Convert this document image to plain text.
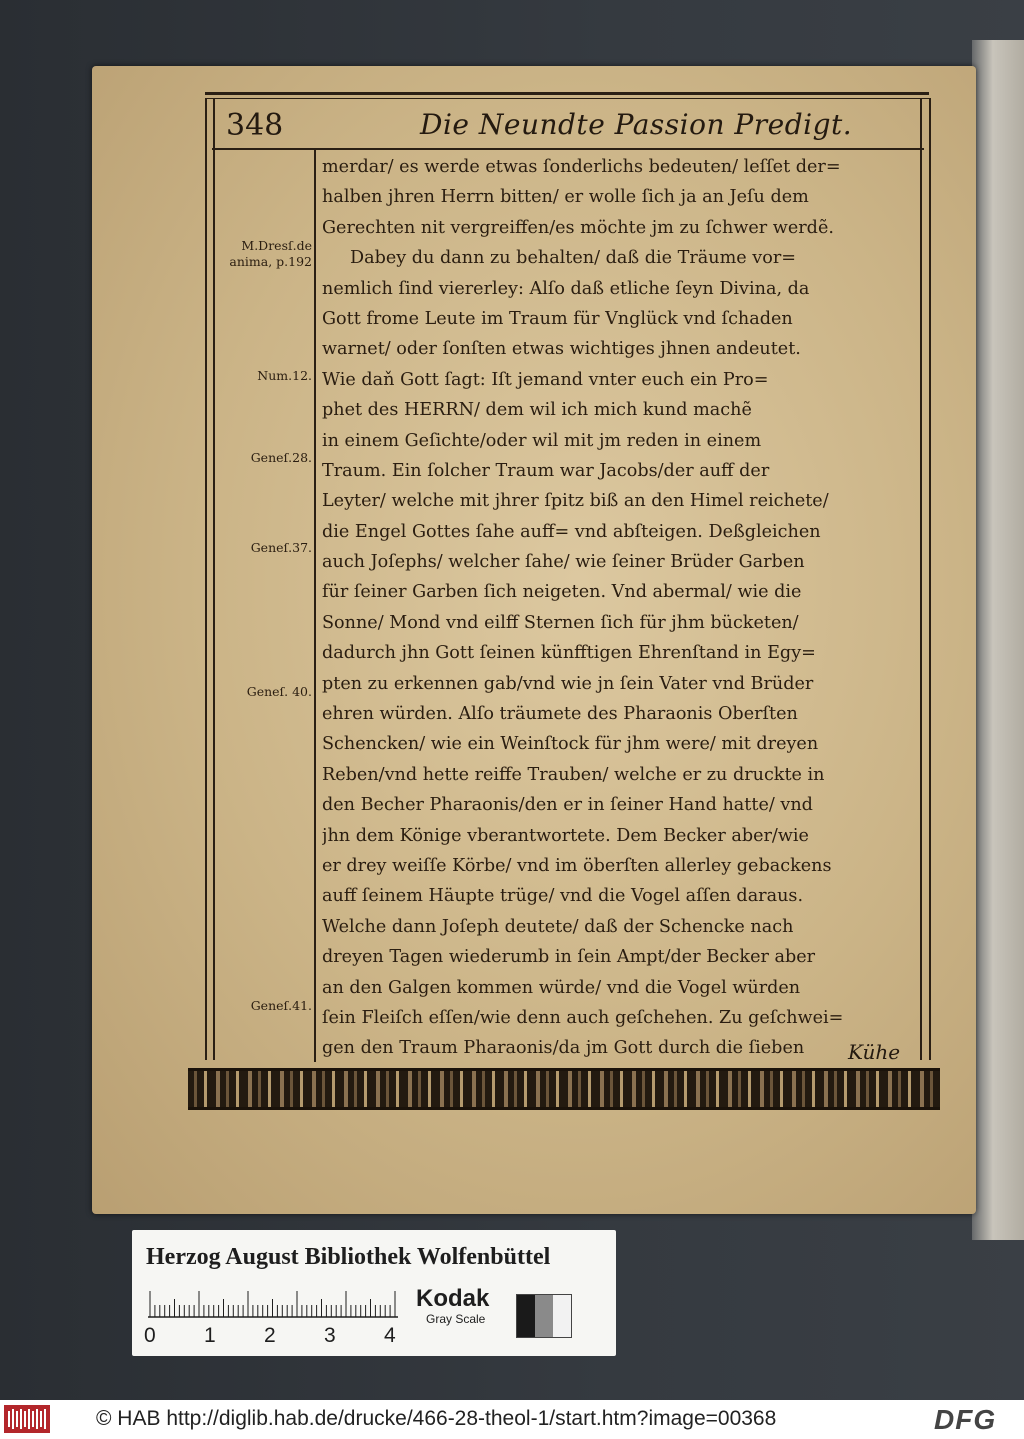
348	Die Neundte Passion Predigt.
M.Dresſ.de anima, p.192
Num.12.
Geneſ.28.
Geneſ.37.
Geneſ. 40.
Geneſ.41.
merdar/ es werde etwas ſonderlichs bedeuten/ leſſet der=
halben jhren Herrn bitten/ er wolle ſich ja an Jeſu dem
Gerechten nit vergreiffen/es möchte jm zu ſchwer werdẽ.
Dabey du dann zu behalten/ daß die Träume vor=
nemlich ſind viererley: Alſo daß etliche ſeyn Divina, da
Gott frome Leute im Traum für Vnglück vnd ſchaden
warnet/ oder ſonſten etwas wichtiges jhnen andeutet.
Wie daň Gott ſagt: Iſt jemand vnter euch ein Pro=
phet des HERRN/ dem wil ich mich kund machẽ
in einem Geſichte/oder wil mit jm reden in einem
Traum. Ein ſolcher Traum war Jacobs/der auff der
Leyter/ welche mit jhrer ſpitz biß an den Himel reichete/
die Engel Gottes ſahe auff= vnd abſteigen. Deßgleichen
auch Joſephs/ welcher ſahe/ wie ſeiner Brüder Garben
für ſeiner Garben ſich neigeten. Vnd abermal/ wie die
Sonne/ Mond vnd eilff Sternen ſich für jhm bücketen/
dadurch jhn Gott ſeinen künfftigen Ehrenſtand in Egy=
pten zu erkennen gab/vnd wie jn ſein Vater vnd Brüder
ehren würden. Alſo träumete des Pharaonis Oberſten
Schencken/ wie ein Weinſtock für jhm were/ mit dreyen
Reben/vnd hette reiffe Trauben/ welche er zu druckte in
den Becher Pharaonis/den er in ſeiner Hand hatte/ vnd
jhn dem Könige vberantwortete. Dem Becker aber/wie
er drey weiſſe Körbe/ vnd im öberſten allerley gebackens
auff ſeinem Häupte trüge/ vnd die Vogel aſſen daraus.
Welche dann Joſeph deutete/ daß der Schencke nach
dreyen Tagen wiederumb in ſein Ampt/der Becker aber
an den Galgen kommen würde/ vnd die Vogel würden
ſein Fleiſch eſſen/wie denn auch geſchehen. Zu geſchwei=
gen den Traum Pharaonis/da jm Gott durch die ſieben	Kühe
Herzog August Bibliothek Wolfenbüttel
0 1 2 3 4
Kodak
Gray Scale
© HAB http://diglib.hab.de/drucke/466-28-theol-1/start.htm?image=00368	DFG
